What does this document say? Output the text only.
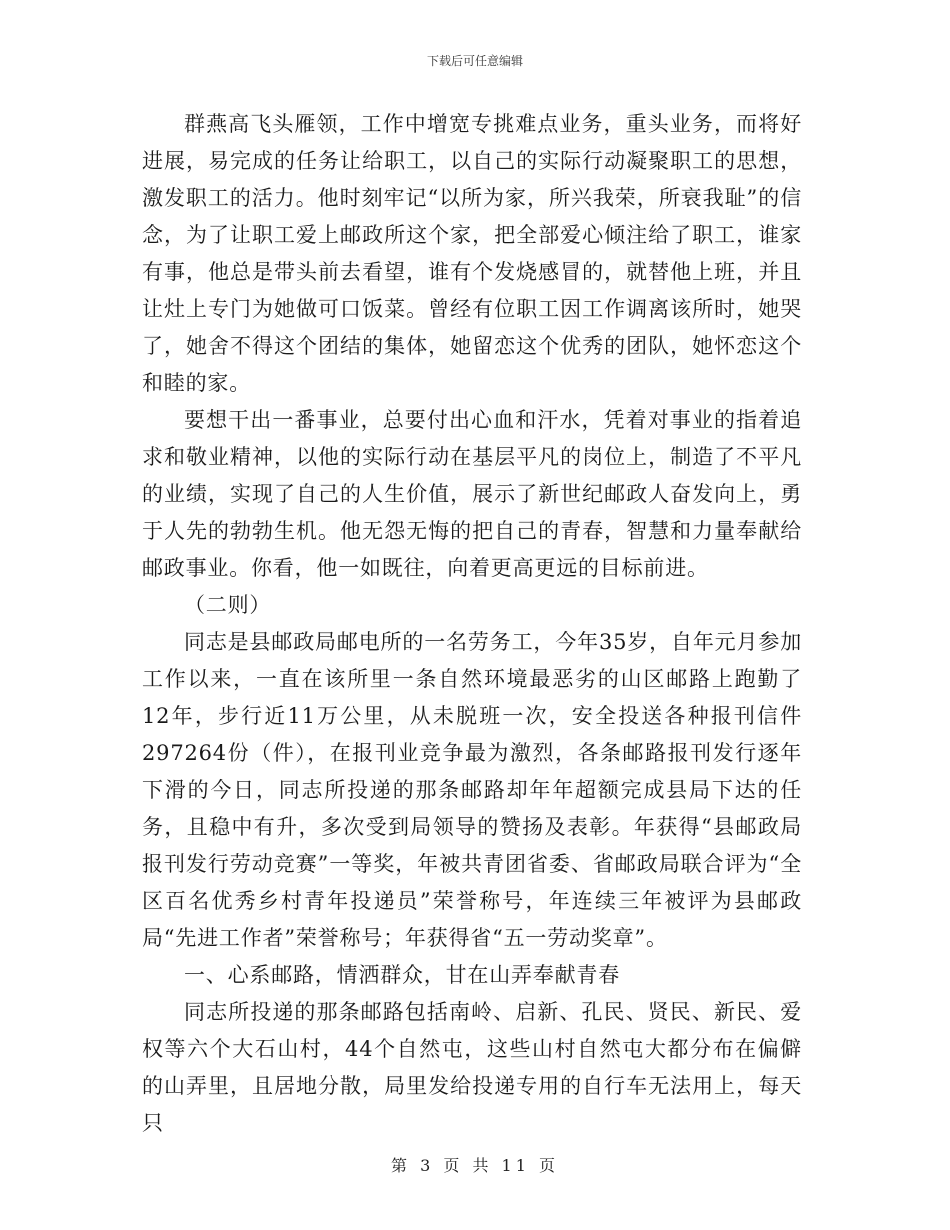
下载后可任意编辑

群燕高飞头雁领，工作中增宽专挑难点业务，重头业务，而将好进展，易完成的任务让给职工，以自己的实际行动凝聚职工的思想，激发职工的活力。他时刻牢记“以所为家，所兴我荣，所衰我耻”的信念，为了让职工爱上邮政所这个家，把全部爱心倾注给了职工，谁家有事，他总是带头前去看望，谁有个发烧感冒的，就替他上班，并且让灶上专门为她做可口饭菜。曾经有位职工因工作调离该所时，她哭了，她舍不得这个团结的集体，她留恋这个优秀的团队，她怀恋这个和睦的家。

要想干出一番事业，总要付出心血和汗水，凭着对事业的指着追求和敬业精神，以他的实际行动在基层平凡的岗位上，制造了不平凡的业绩，实现了自己的人生价值，展示了新世纪邮政人奋发向上，勇于人先的勃勃生机。他无怨无悔的把自己的青春，智慧和力量奉献给邮政事业。你看，他一如既往，向着更高更远的目标前进。

（二则）

同志是县邮政局邮电所的一名劳务工，今年35岁，自年元月参加工作以来，一直在该所里一条自然环境最恶劣的山区邮路上跑勤了12年，步行近11万公里，从未脱班一次，安全投送各种报刊信件297264份（件），在报刊业竞争最为激烈，各条邮路报刊发行逐年下滑的今日，同志所投递的那条邮路却年年超额完成县局下达的任务，且稳中有升，多次受到局领导的赞扬及表彰。年获得“县邮政局报刊发行劳动竞赛”一等奖，年被共青团省委、省邮政局联合评为“全区百名优秀乡村青年投递员”荣誉称号，年连续三年被评为县邮政局“先进工作者”荣誉称号；年获得省“五一劳动奖章”。

一、心系邮路，情洒群众，甘在山弄奉献青春

同志所投递的那条邮路包括南岭、启新、孔民、贤民、新民、爱权等六个大石山村，44个自然屯，这些山村自然屯大都分布在偏僻的山弄里，且居地分散，局里发给投递专用的自行车无法用上，每天只

第 3 页 共 11 页
